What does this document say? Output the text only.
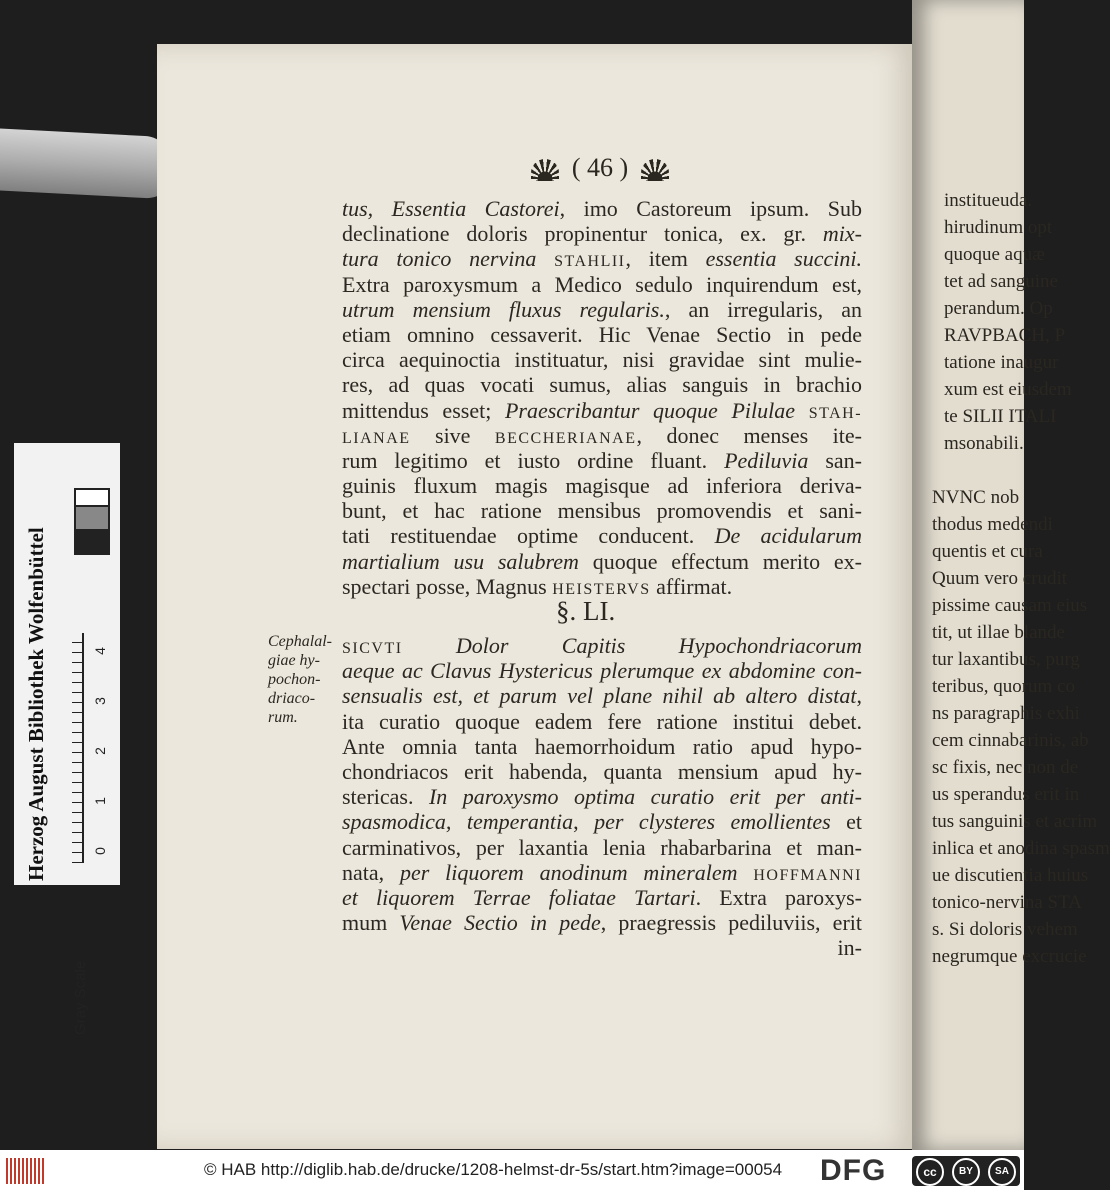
institueuda.
hirudinum opt
quoque aquæ
tet ad sanguine
perandum. Op
RAVPBACH, P
tatione inaugur
xum est eiusdem
te SILII ITALI
msonabili.
NVNC nob
thodus medendi
quentis et cura
Quum vero crudit
pissime causam eius
tit, ut illae blande
tur laxantibus, purg
teribus, quorum co
ns paragraphis exhi
cem cinnabarinis, ab
sc fixis, nec non de
us sperandus erit in
tus sanguinis et acrim
inlica et anodina spasm
ue discutientia huius
tonico-nervina STA
s. Si doloris vehem
negrumque excrucie
( 46 )
tus, Essentia Castorei, imo Castoreum ipsum. Sub
declinatione doloris propinentur tonica, ex. gr. mix-
tura tonico nervina STAHLII, item essentia succini.
Extra paroxysmum a Medico sedulo inquirendum est,
utrum mensium fluxus regularis., an irregularis, an
etiam omnino cessaverit. Hic Venae Sectio in pede
circa aequinoctia instituatur, nisi gravidae sint mulie-
res, ad quas vocati sumus, alias sanguis in brachio
mittendus esset; Praescribantur quoque Pilulae STAH-
LIANAE sive BECCHERIANAE, donec menses ite-
rum legitimo et iusto ordine fluant. Pediluvia san-
guinis fluxum magis magisque ad inferiora deriva-
bunt, et hac ratione mensibus promovendis et sani-
tati restituendae optime conducent. De acidularum
martialium usu salubrem quoque effectum merito ex-
spectari posse, Magnus HEISTERVS affirmat.
§. LI.
Cephalal-
giae hy-
pochon-
driaco-
rum.
SICVTI Dolor Capitis Hypochondriacorum
aeque ac Clavus Hystericus plerumque ex abdomine con-
sensualis est, et parum vel plane nihil ab altero distat,
ita curatio quoque eadem fere ratione institui debet.
Ante omnia tanta haemorrhoidum ratio apud hypo-
chondriacos erit habenda, quanta mensium apud hy-
stericas. In paroxysmo optima curatio erit per anti-
spasmodica, temperantia, per clysteres emollientes et
carminativos, per laxantia lenia rhabarbarina et man-
nata, per liquorem anodinum mineralem HOFFMANNI
et liquorem Terrae foliatae Tartari. Extra paroxys-
mum Venae Sectio in pede, praegressis pediluviis, erit
in-
Herzog August Bibliothek Wolfenbüttel
Gray Scale
0
1
2
3
4
© HAB http://diglib.hab.de/drucke/1208-helmst-dr-5s/start.htm?image=00054 DFG	cc	BY	SA
